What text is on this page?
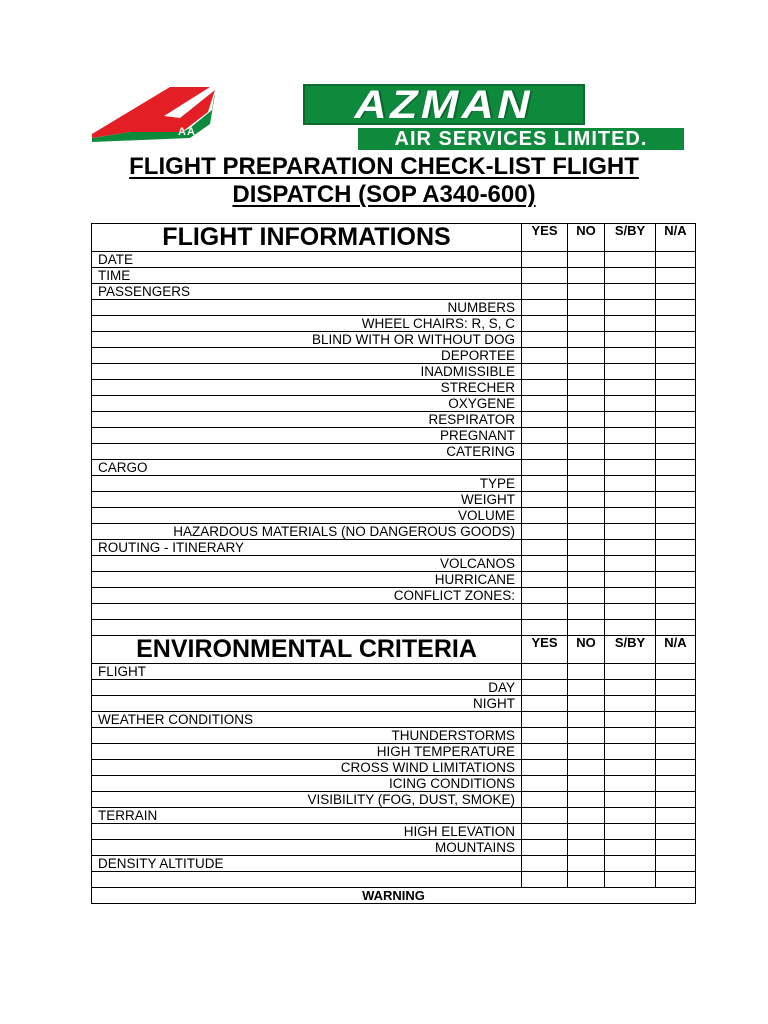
AA
AZMAN
AIR SERVICES LIMITED.
FLIGHT PREPARATION CHECK-LIST FLIGHT
DISPATCH (SOP A340-600)
FLIGHT INFORMATIONS	YES	NO	S/BY	N/A
DATE				
TIME				
PASSENGERS				
NUMBERS				
WHEEL CHAIRS: R, S, C				
BLIND WITH OR WITHOUT DOG				
DEPORTEE				
INADMISSIBLE				
STRECHER				
OXYGENE				
RESPIRATOR				
PREGNANT				
CATERING				
CARGO				
TYPE				
WEIGHT				
VOLUME				
HAZARDOUS MATERIALS (NO DANGEROUS GOODS)				
ROUTING - ITINERARY				
VOLCANOS				
HURRICANE				
CONFLICT ZONES:				

ENVIRONMENTAL CRITERIA	YES	NO	S/BY	N/A
FLIGHT				
DAY				
NIGHT				
WEATHER CONDITIONS				
THUNDERSTORMS				
HIGH TEMPERATURE				
CROSS WIND LIMITATIONS				
ICING CONDITIONS				
VISIBILITY (FOG, DUST, SMOKE)				
TERRAIN				
HIGH ELEVATION				
MOUNTAINS				
DENSITY ALTITUDE				

WARNING				
